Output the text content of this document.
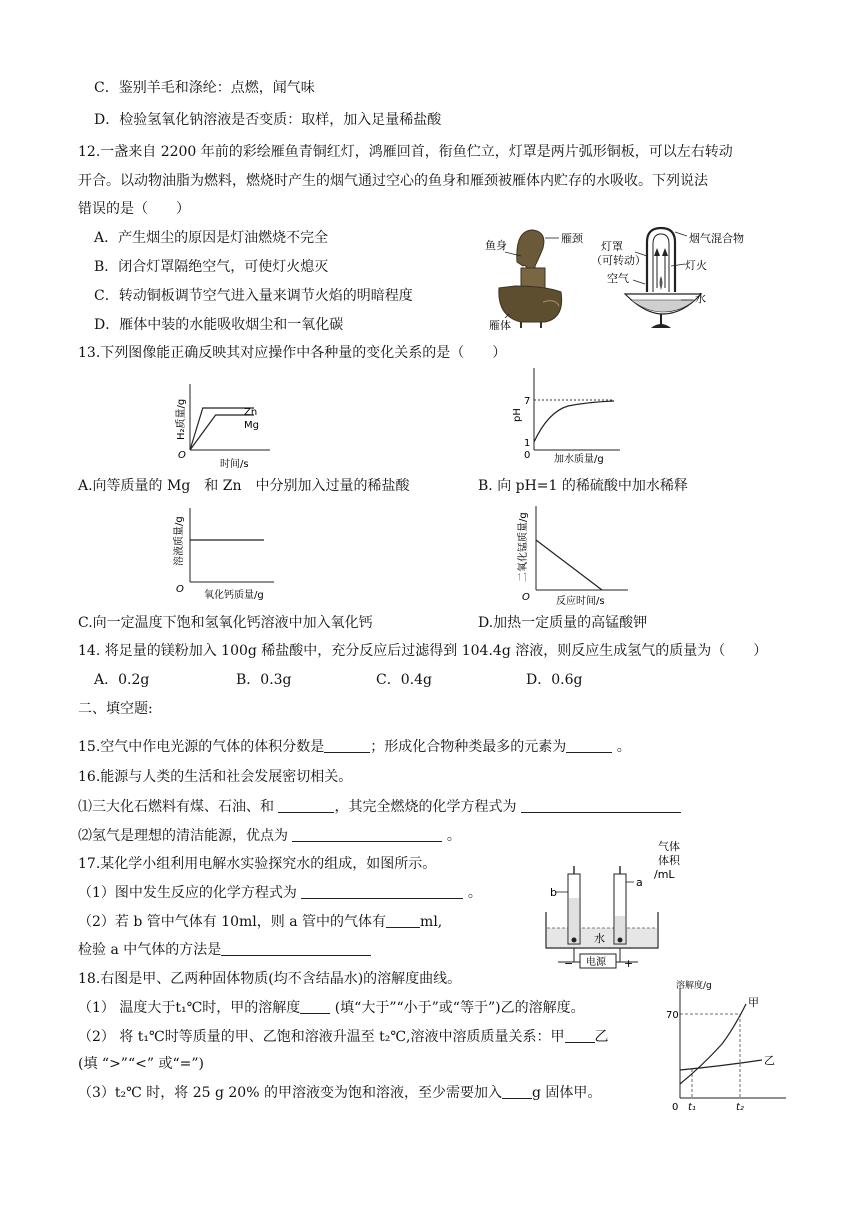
C．鉴别羊毛和涤纶：点燃，闻气味
D．检验氢氧化钠溶液是否变质：取样，加入足量稀盐酸
12.一盏来自 2200 年前的彩绘雁鱼青铜红灯，鸿雁回首，衔鱼伫立，灯罩是两片弧形铜板，可以左右转动
开合。以动物油脂为燃料，燃烧时产生的烟气通过空心的鱼身和雁颈被雁体内贮存的水吸收。下列说法
错误的是（　　）
A．产生烟尘的原因是灯油燃烧不完全
B．闭合灯罩隔绝空气，可使灯火熄灭
C．转动铜板调节空气进入量来调节火焰的明暗程度
D．雁体中装的水能吸收烟尘和一氧化碳
鱼身
雁颈
雁体
灯罩
（可转动）
空气
烟气混合物
灯火
水
13.下列图像能正确反映其对应操作中各种量的变化关系的是（　　）
O
时间/s
H₂质量/g	Zn
Mg
7
1
0 加水质量/g
pH
A.向等质量的 Mg　和 Zn　中分别加入过量的稀盐酸	B. 向 pH=1 的稀硫酸中加水稀释
O
氧化钙质量/g
溶液质量/g
O	反应时间/s
二氧化锰质量/g
C.向一定温度下饱和氢氧化钙溶液中加入氧化钙	D.加热一定质量的高锰酸钾
14. 将足量的镁粉加入 100g 稀盐酸中，充分反应后过滤得到 104.4g 溶液，则反应生成氢气的质量为（　　）
A．0.2g	B．0.3g	C．0.4g	D．0.6g
二、填空题:
15.空气中作电光源的气体的体积分数是	；形成化合物种类最多的元素为	。
16.能源与人类的生活和社会发展密切相关。
⑴三大化石燃料有煤、石油、和	，其完全燃烧的化学方程式为
⑵氢气是理想的清洁能源，优点为	。
17.某化学小组利用电解水实验探究水的组成，如图所示。
（1）图中发生反应的化学方程式为	。
（2）若 b 管中气体有 10ml，则 a 管中的气体有 ml,
检验 a 中气体的方法是
气体
体积
/mL
b
a
水
电源
−	+
18.右图是甲、乙两种固体物质(均不含结晶水)的溶解度曲线。
（1） 温度大于t₁℃时，甲的溶解度 (填“大于”“小于”或“等于”)乙的溶解度。
（2） 将 t₁℃时等质量的甲、乙饱和溶液升温至 t₂℃,溶液中溶质质量关系：甲 乙
(填 “>”“<” 或“=”)
（3）t₂℃ 时，将 25 g 20% 的甲溶液变为饱和溶液，至少需要加入 g 固体甲。
溶解度/g
70
0 t₁	t₂
甲
乙
